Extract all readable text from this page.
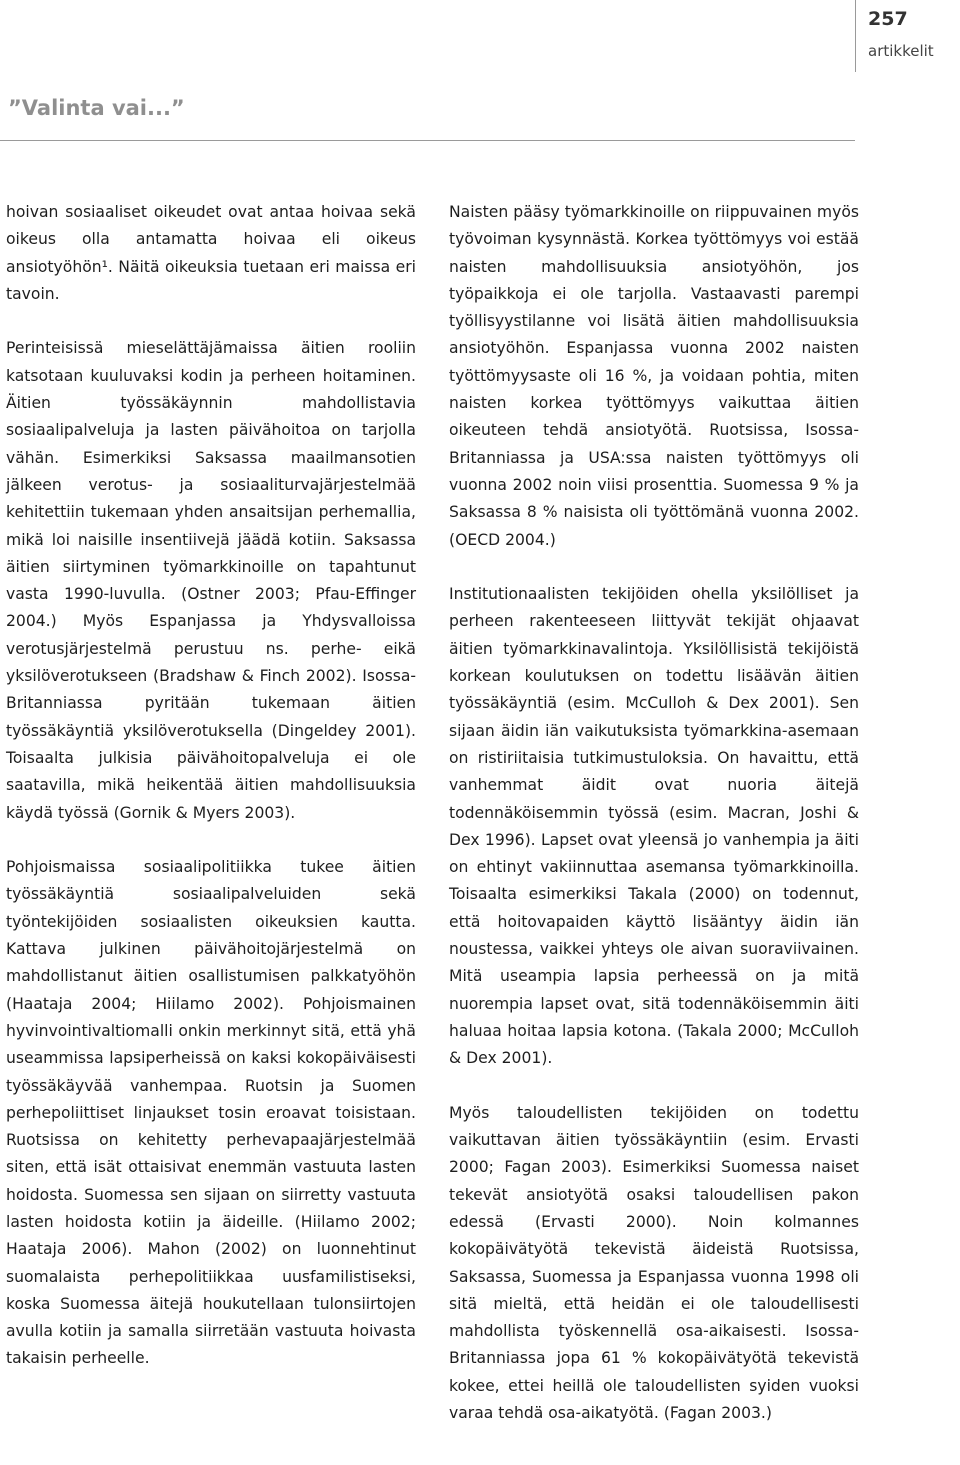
257
artikkelit
”Valinta vai...”

hoivan sosiaaliset oikeudet ovat antaa hoivaa sekä oikeus olla antamatta hoivaa eli oikeus ansiotyöhön¹. Näitä oikeuksia tuetaan eri maissa eri tavoin.

Perinteisissä mieselättäjämaissa äitien rooliin katsotaan kuuluvaksi kodin ja perheen hoitaminen. Äitien työssäkäynnin mahdollistavia sosiaalipalveluja ja lasten päivähoitoa on tarjolla vähän. Esimerkiksi Saksassa maailmansotien jälkeen verotus- ja sosiaaliturvajärjestelmää kehitettiin tukemaan yhden ansaitsijan perhemallia, mikä loi naisille insentiivejä jäädä kotiin. Saksassa äitien siirtyminen työmarkkinoille on tapahtunut vasta 1990-luvulla. (Ostner 2003; Pfau-Effinger 2004.) Myös Espanjassa ja Yhdysvalloissa verotusjärjestelmä perustuu ns. perhe- eikä yksilöverotukseen (Bradshaw & Finch 2002). Isossa-Britanniassa pyritään tukemaan äitien työssäkäyntiä yksilöverotuksella (Dingeldey 2001). Toisaalta julkisia päivähoitopalveluja ei ole saatavilla, mikä heikentää äitien mahdollisuuksia käydä työssä (Gornik & Myers 2003).

Pohjoismaissa sosiaalipolitiikka tukee äitien työssäkäyntiä sosiaalipalveluiden sekä työntekijöiden sosiaalisten oikeuksien kautta. Kattava julkinen päivähoitojärjestelmä on mahdollistanut äitien osallistumisen palkkatyöhön (Haataja 2004; Hiilamo 2002). Pohjoismainen hyvinvointivaltiomalli onkin merkinnyt sitä, että yhä useammissa lapsiperheissä on kaksi kokopäiväisesti työssäkäyvää vanhempaa. Ruotsin ja Suomen perhepoliittiset linjaukset tosin eroavat toisistaan. Ruotsissa on kehitetty perhevapaajärjestelmää siten, että isät ottaisivat enemmän vastuuta lasten hoidosta. Suomessa sen sijaan on siirretty vastuuta lasten hoidosta kotiin ja äideille. (Hiilamo 2002; Haataja 2006). Mahon (2002) on luonnehtinut suomalaista perhepolitiikkaa uusfamilistiseksi, koska Suomessa äitejä houkutellaan tulonsiirtojen avulla kotiin ja samalla siirretään vastuuta hoivasta takaisin perheelle.

Naisten pääsy työmarkkinoille on riippuvainen myös työvoiman kysynnästä. Korkea työttömyys voi estää naisten mahdollisuuksia ansiotyöhön, jos työpaikkoja ei ole tarjolla. Vastaavasti parempi työllisyystilanne voi lisätä äitien mahdollisuuksia ansiotyöhön. Espanjassa vuonna 2002 naisten työttömyysaste oli 16 %, ja voidaan pohtia, miten naisten korkea työttömyys vaikuttaa äitien oikeuteen tehdä ansiotyötä. Ruotsissa, Isossa-Britanniassa ja USA:ssa naisten työttömyys oli vuonna 2002 noin viisi prosenttia. Suomessa 9 % ja Saksassa 8 % naisista oli työttömänä vuonna 2002. (OECD 2004.)

Institutionaalisten tekijöiden ohella yksilölliset ja perheen rakenteeseen liittyvät tekijät ohjaavat äitien työmarkkinavalintoja. Yksilöllisistä tekijöistä korkean koulutuksen on todettu lisäävän äitien työssäkäyntiä (esim. McCulloh & Dex 2001). Sen sijaan äidin iän vaikutuksista työmarkkina-asemaan on ristiriitaisia tutkimustuloksia. On havaittu, että vanhemmat äidit ovat nuoria äitejä todennäköisemmin työssä (esim. Macran, Joshi & Dex 1996). Lapset ovat yleensä jo vanhempia ja äiti on ehtinyt vakiinnuttaa asemansa työmarkkinoilla. Toisaalta esimerkiksi Takala (2000) on todennut, että hoitovapaiden käyttö lisääntyy äidin iän noustessa, vaikkei yhteys ole aivan suoraviivainen. Mitä useampia lapsia perheessä on ja mitä nuorempia lapset ovat, sitä todennäköisemmin äiti haluaa hoitaa lapsia kotona. (Takala 2000; McCulloh & Dex 2001).

Myös taloudellisten tekijöiden on todettu vaikuttavan äitien työssäkäyntiin (esim. Ervasti 2000; Fagan 2003). Esimerkiksi Suomessa naiset tekevät ansiotyötä osaksi taloudellisen pakon edessä (Ervasti 2000). Noin kolmannes kokopäivätyötä tekevistä äideistä Ruotsissa, Saksassa, Suomessa ja Espanjassa vuonna 1998 oli sitä mieltä, että heidän ei ole taloudellisesti mahdollista työskennellä osa-aikaisesti. Isossa-Britanniassa jopa 61 % kokopäivätyötä tekevistä kokee, ettei heillä ole taloudellisten syiden vuoksi varaa tehdä osa-aikatyötä. (Fagan 2003.)
